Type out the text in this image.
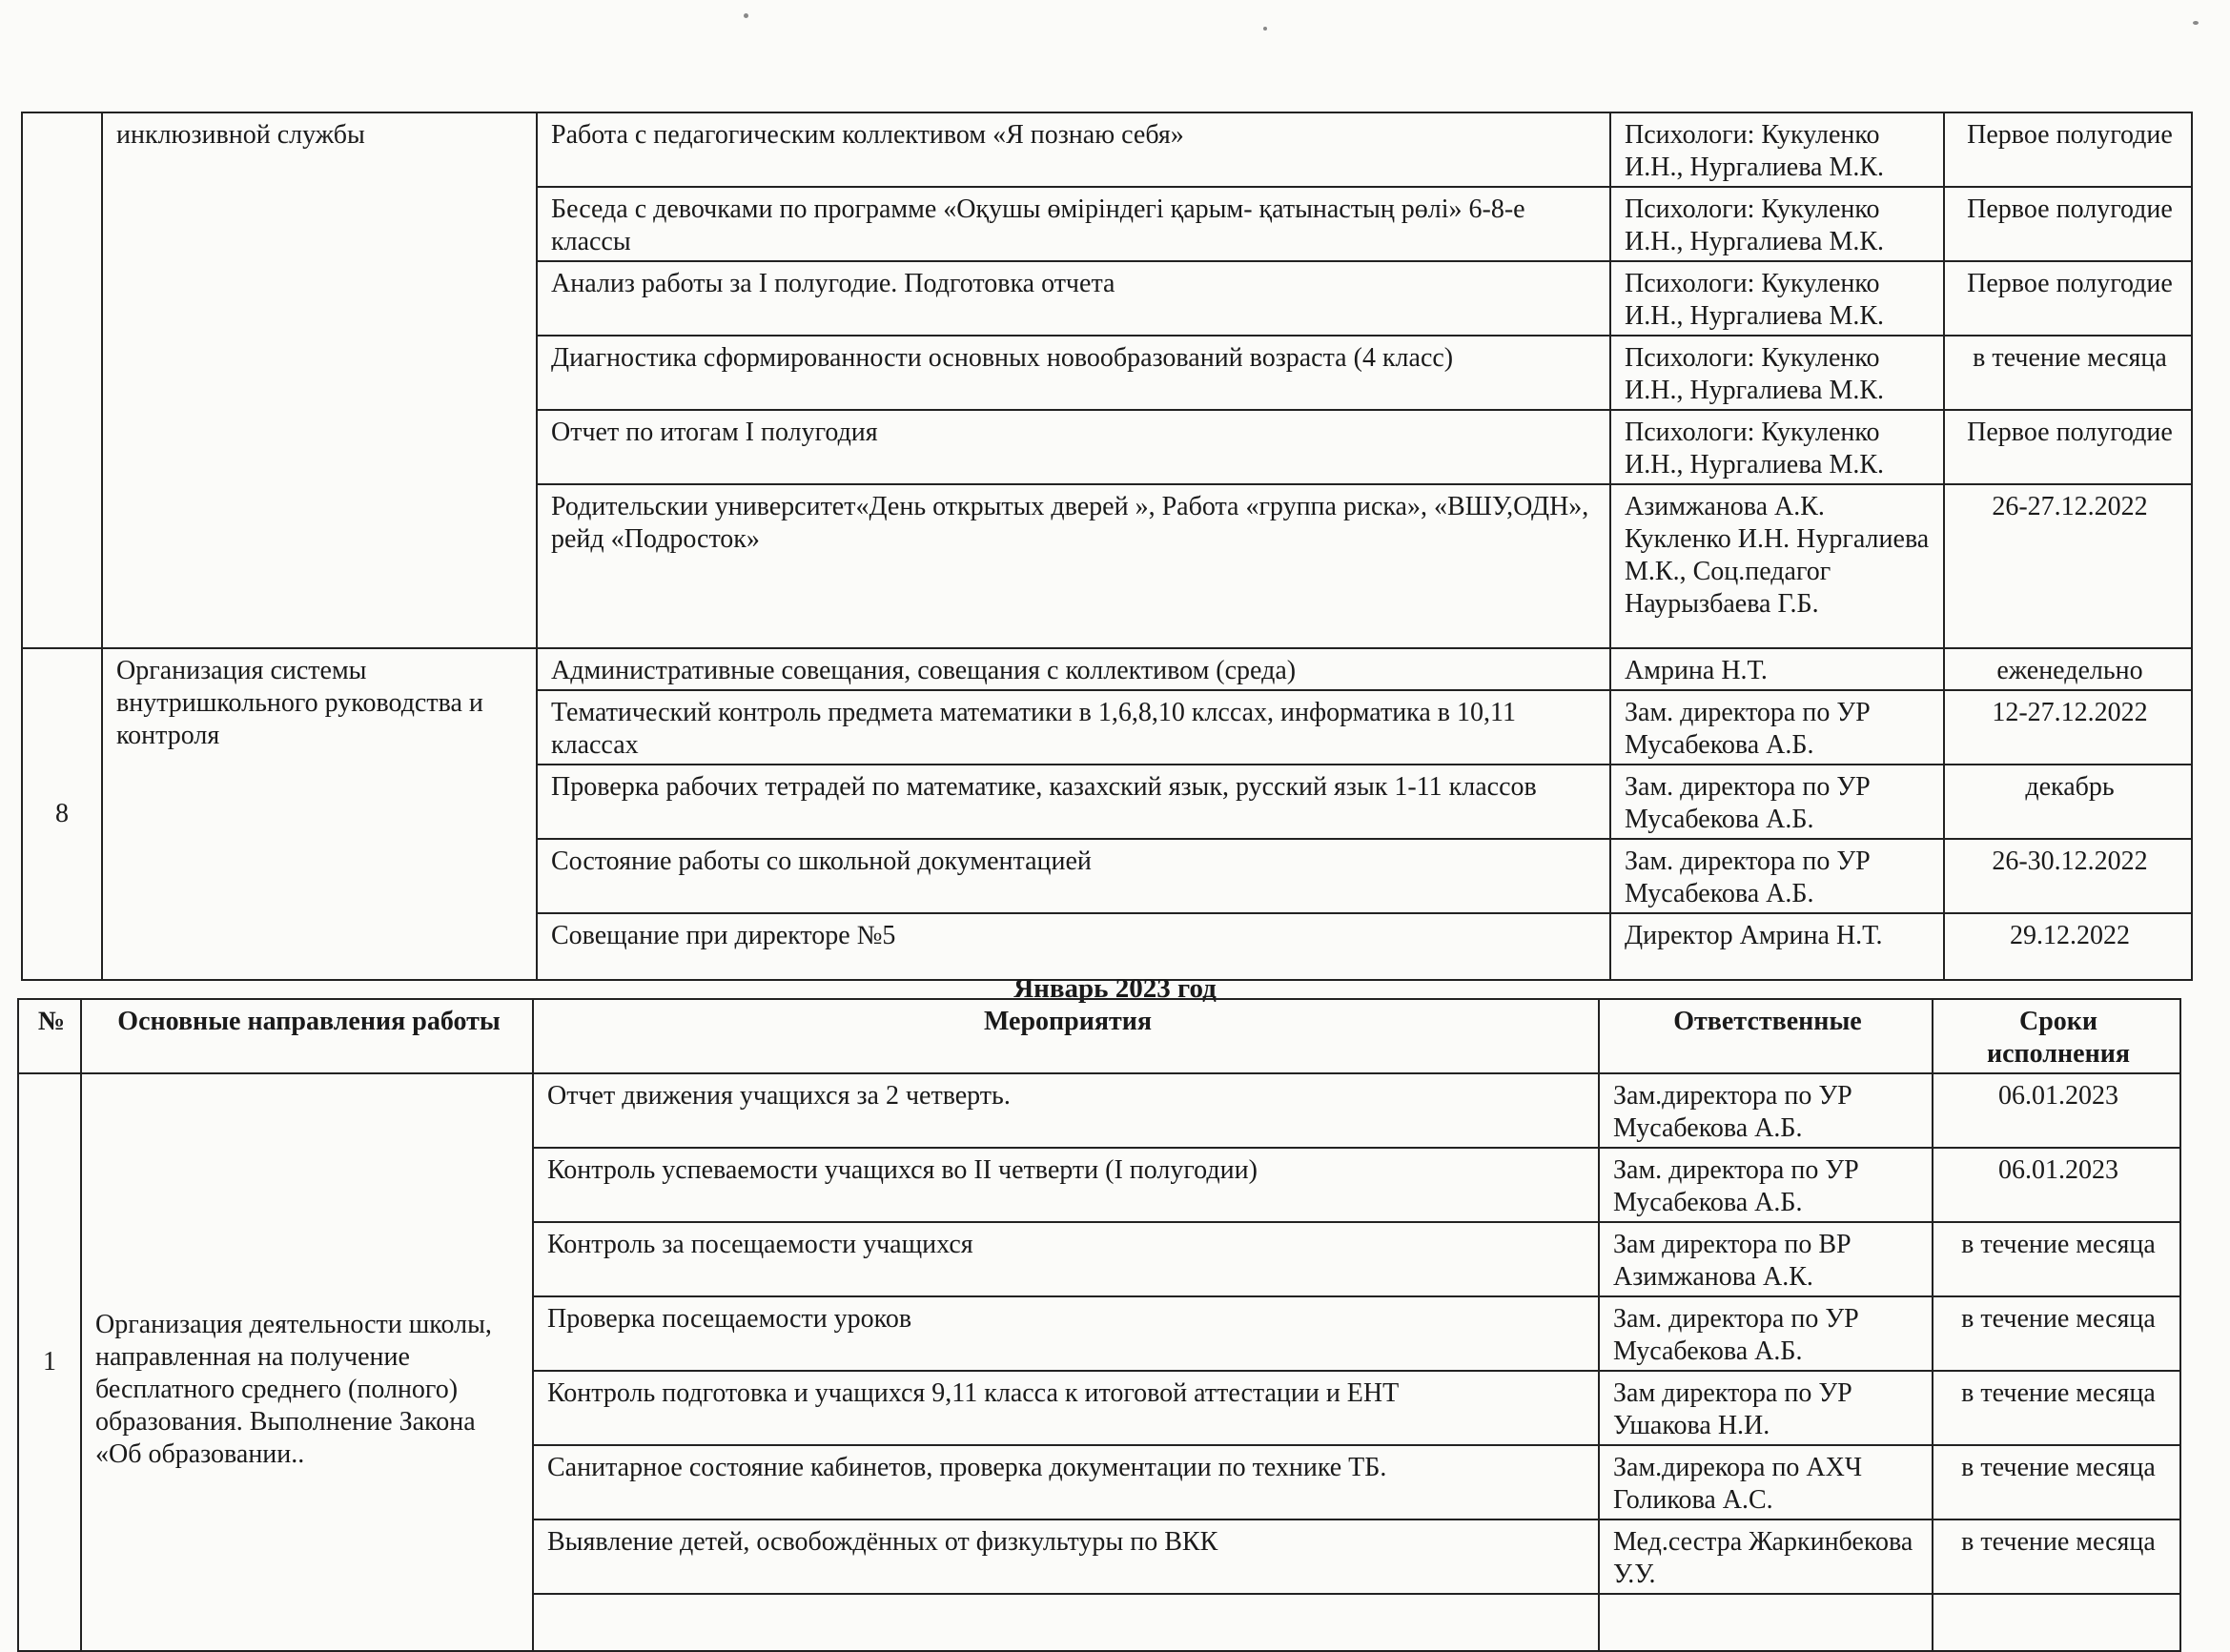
	инклюзивной службы	Работа с педагогическим коллективом «Я познаю себя»	Психологи: Кукуленко И.Н., Нургалиева М.К.	Первое полугодие
		Беседа с девочками по программе «Оқушы өміріндегі қарым- қатынастың рөлі» 6-8-е классы	Психологи: Кукуленко И.Н., Нургалиева М.К.	Первое полугодие
		Анализ работы за I полугодие. Подготовка отчета	Психологи: Кукуленко И.Н., Нургалиева М.К.	Первое полугодие
		Диагностика сформированности основных новообразований возраста (4 класс)	Психологи: Кукуленко И.Н., Нургалиева М.К.	в течение месяца
		Отчет по итогам I полугодия	Психологи: Кукуленко И.Н., Нургалиева М.К.	Первое полугодие
		Родительскии университет«День открытых дверей », Работа «группа риска», «ВШУ,ОДН», рейд «Подросток»	Азимжанова А.К. Кукленко И.Н. Нургалиева М.К., Соц.педагог Наурызбаева Г.Б.	26-27.12.2022
8	Организация системы внутришкольного руководства и контроля	Административные совещания, совещания с коллективом (среда)	Амрина Н.Т.	еженедельно
		Тематический контроль предмета математики в 1,6,8,10 клссах, информатика в 10,11 классах	Зам. директора по УР Мусабекова А.Б.	12-27.12.2022
		Проверка рабочих тетрадей по математике, казахский язык, русский язык 1-11 классов	Зам. директора по УР Мусабекова А.Б.	декабрь
		Состояние работы со школьной документацией	Зам. директора по УР Мусабекова А.Б.	26-30.12.2022
		Совещание при директоре №5	Директор Амрина Н.Т.	29.12.2022
Январь 2023 год
№	Основные направления работы	Мероприятия	Ответственные	Сроки исполнения
1	Организация деятельности школы, направленная на получение бесплатного среднего (полного) образования. Выполнение Закона «Об образовании..	Отчет движения учащихся за 2 четверть.	Зам.директора по УР Мусабекова А.Б.	06.01.2023
		Контроль успеваемости учащихся во II четверти (I полугодии)	Зам. директора по УР Мусабекова А.Б.	06.01.2023
		Контроль за посещаемости учащихся	Зам директора по ВР Азимжанова А.К.	в течение месяца
		Проверка посещаемости уроков	Зам. директора по УР Мусабекова А.Б.	в течение месяца
		Контроль подготовка и учащихся 9,11 класса к итоговой аттестации и ЕНТ	Зам директора по УР Ушакова Н.И.	в течение месяца
		Санитарное состояние кабинетов, проверка документации по технике ТБ.	Зам.дирекора по АХЧ Голикова А.С.	в течение месяца
		Выявление детей, освобождённых от физкультуры по ВКК	Мед.сестра Жаркинбекова У.У.	в течение месяца
